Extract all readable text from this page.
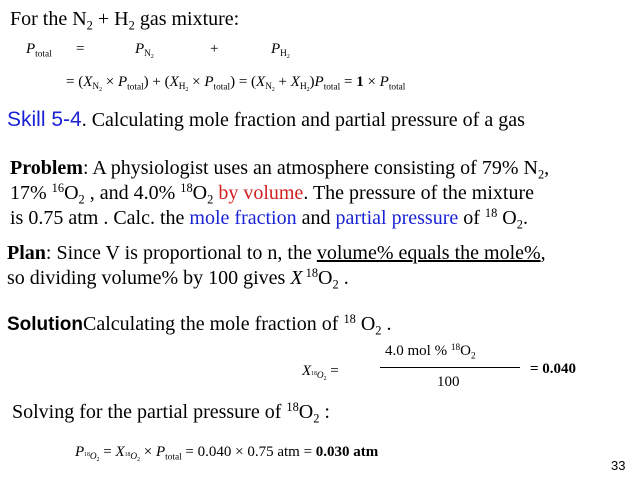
For the $N_2 + H_2$ gas mixture:
$P_{total}$ =	$P_{N_2}$
+	$P_{H_2}$
= $(X_{N_2} \times P_{total}) + (X_{H_2} \times P_{total}) = (X_{N_2} + X_{H_2})P_{total} = 1 \times P_{total}$
Skill 5-4. Calculating mole fraction and partial pressure of a gas
Problem: A physiologist uses an atmosphere consisting of 79% $N_2$,
17% $^{16}O_2$ , and 4.0% $^{18}O_2$ by volume. The pressure of the mixture
is 0.75 atm . Calc. the mole fraction and partial pressure of $^{18}$ $O_2$.
Plan: Since V is proportional to n, the volume% equals the mole%,
so dividing volume% by 100 gives X $^{18}O_2$ .
SolutionCalculating the mole fraction of $^{18}$ $O_2$ .
$X_{^{18}O_2}$ =
4.0 mol % $^{18}O_2$
100
= 0.040
Solving for the partial pressure of $^{18}O_2$ :
$P_{^{18}O_2} = X_{^{18}O_2} \times P_{total} = 0.040 \times 0.75$ atm = 0.030 atm
33
